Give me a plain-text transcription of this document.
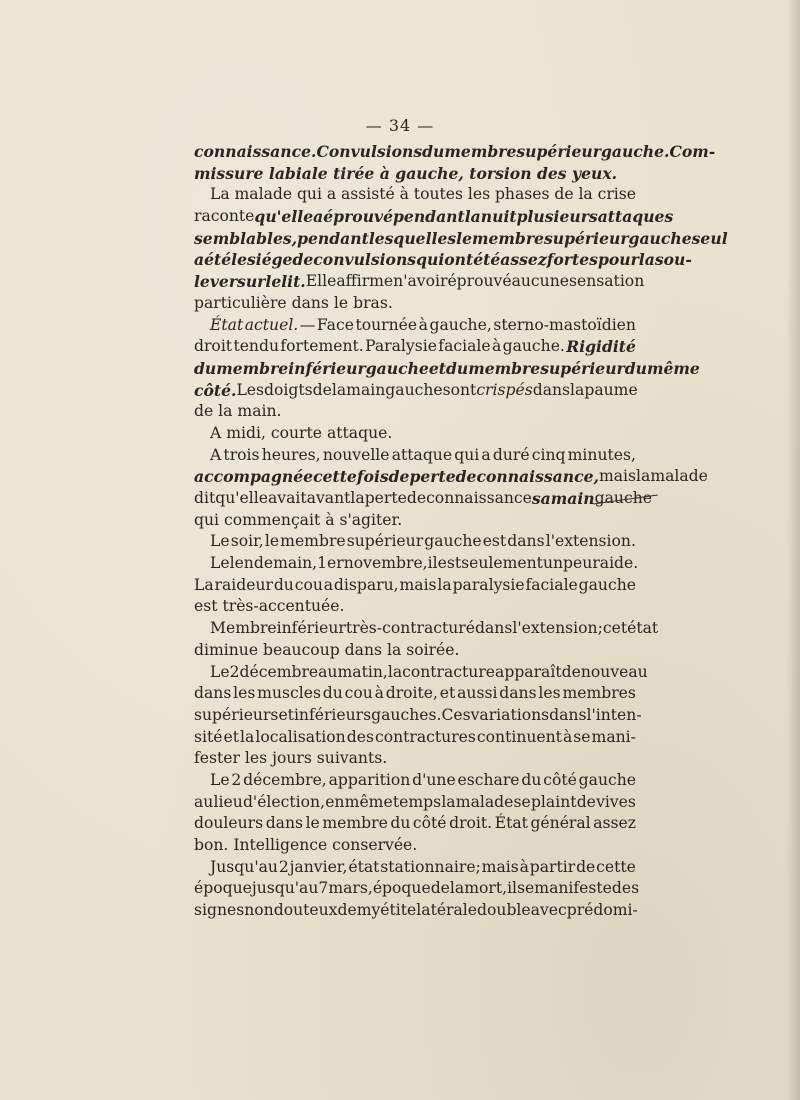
— 34 —
connaissance. Convulsions du membre supérieur gauche. Com-
missure labiale tirée à gauche, torsion des yeux.
La malade qui a assisté à toutes les phases de la crise
raconte qu'elle a éprouvé pendant la nuit plusieurs attaques
semblables, pendant lesquelles le membre supérieur gauche seul
a été le siége de convulsions qui ont été assez fortes pour la sou-
lever sur le lit. Elle affirme n'avoir éprouvé aucune sensation
particulière dans le bras.
État actuel. — Face tournée à gauche, sterno-mastoïdien
droit tendu fortement. Paralysie faciale à gauche. Rigidité
du membre inférieur gauche et du membre supérieur du même
côté. Les doigts de la main gauche sont crispés dans la paume
de la main.
A midi, courte attaque.
A trois heures, nouvelle attaque qui a duré cinq minutes,
accompagnée cette fois de perte de connaissance, mais la malade
dit qu'elle avait avant la perte de connaissance sa main gauche
qui commençait à s'agiter.
Le soir, le membre supérieur gauche est dans l'extension.
Le lendemain, 1er novembre, il est seulement un peu raide.
La raideur du cou a disparu, mais la paralysie faciale gauche
est très-accentuée.
Membre inférieur très-contracturé dans l'extension ; cet état
diminue beaucoup dans la soirée.
Le 2 décembre au matin, la contracture apparaît de nouveau
dans les muscles du cou à droite, et aussi dans les membres
supérieurs et inférieurs gauches. Ces variations dans l'inten-
sité et la localisation des contractures continuent à se mani-
fester les jours suivants.
Le 2 décembre, apparition d'une eschare du côté gauche
au lieu d'élection, en même temps la malade se plaint de vives
douleurs dans le membre du côté droit. État général assez
bon. Intelligence conservée.
Jusqu'au 2 janvier, état stationnaire; mais à partir de cette
époque jusqu'au 7 mars, époque de la mort, il se manifeste des
signes non douteux de myétite latérale double avec prédomi-
